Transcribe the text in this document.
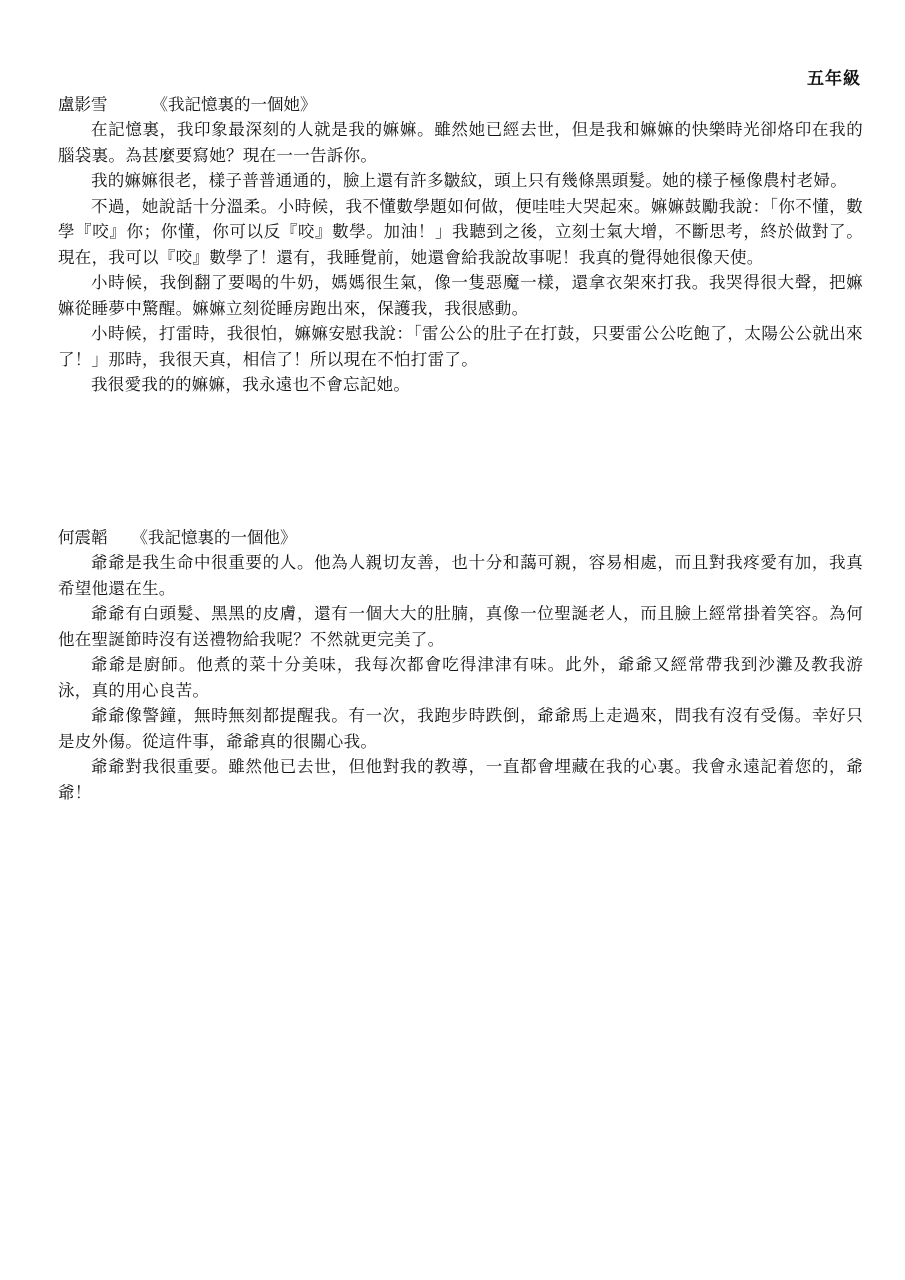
五年級
盧影雪	《我記憶裏的一個她》

在記憶裏，我印象最深刻的人就是我的嫲嫲。雖然她已經去世，但是我和嫲嫲的快樂時光卻烙印在我的腦袋裏。為甚麼要寫她？現在一一告訴你。

我的嫲嫲很老，樣子普普通通的，臉上還有許多皺紋，頭上只有幾條黑頭髮。她的樣子極像農村老婦。

不過，她說話十分溫柔。小時候，我不懂數學題如何做，便哇哇大哭起來。嫲嫲鼓勵我說：「你不懂，數學『咬』你；你懂，你可以反『咬』數學。加油！」我聽到之後，立刻士氣大增，不斷思考，終於做對了。現在，我可以『咬』數學了！還有，我睡覺前，她還會給我說故事呢！我真的覺得她很像天使。

小時候，我倒翻了要喝的牛奶，媽媽很生氣，像一隻惡魔一樣，還拿衣架來打我。我哭得很大聲，把嫲嫲從睡夢中驚醒。嫲嫲立刻從睡房跑出來，保護我，我很感動。

小時候，打雷時，我很怕，嫲嫲安慰我說：「雷公公的肚子在打鼓，只要雷公公吃飽了，太陽公公就出來了！」那時，我很天真，相信了！所以現在不怕打雷了。

我很愛我的的嫲嫲，我永遠也不會忘記她。

何震韜 《我記憶裏的一個他》

爺爺是我生命中很重要的人。他為人親切友善，也十分和藹可親，容易相處，而且對我疼愛有加，我真希望他還在生。

爺爺有白頭髮、黑黑的皮膚，還有一個大大的肚腩，真像一位聖誕老人，而且臉上經常掛着笑容。為何他在聖誕節時沒有送禮物給我呢？不然就更完美了。

爺爺是廚師。他煮的菜十分美味，我每次都會吃得津津有味。此外，爺爺又經常帶我到沙灘及教我游泳，真的用心良苦。

爺爺像警鐘，無時無刻都提醒我。有一次，我跑步時跌倒，爺爺馬上走過來，問我有沒有受傷。幸好只是皮外傷。從這件事，爺爺真的很關心我。

爺爺對我很重要。雖然他已去世，但他對我的教導，一直都會埋藏在我的心裏。我會永遠記着您的，爺爺！
